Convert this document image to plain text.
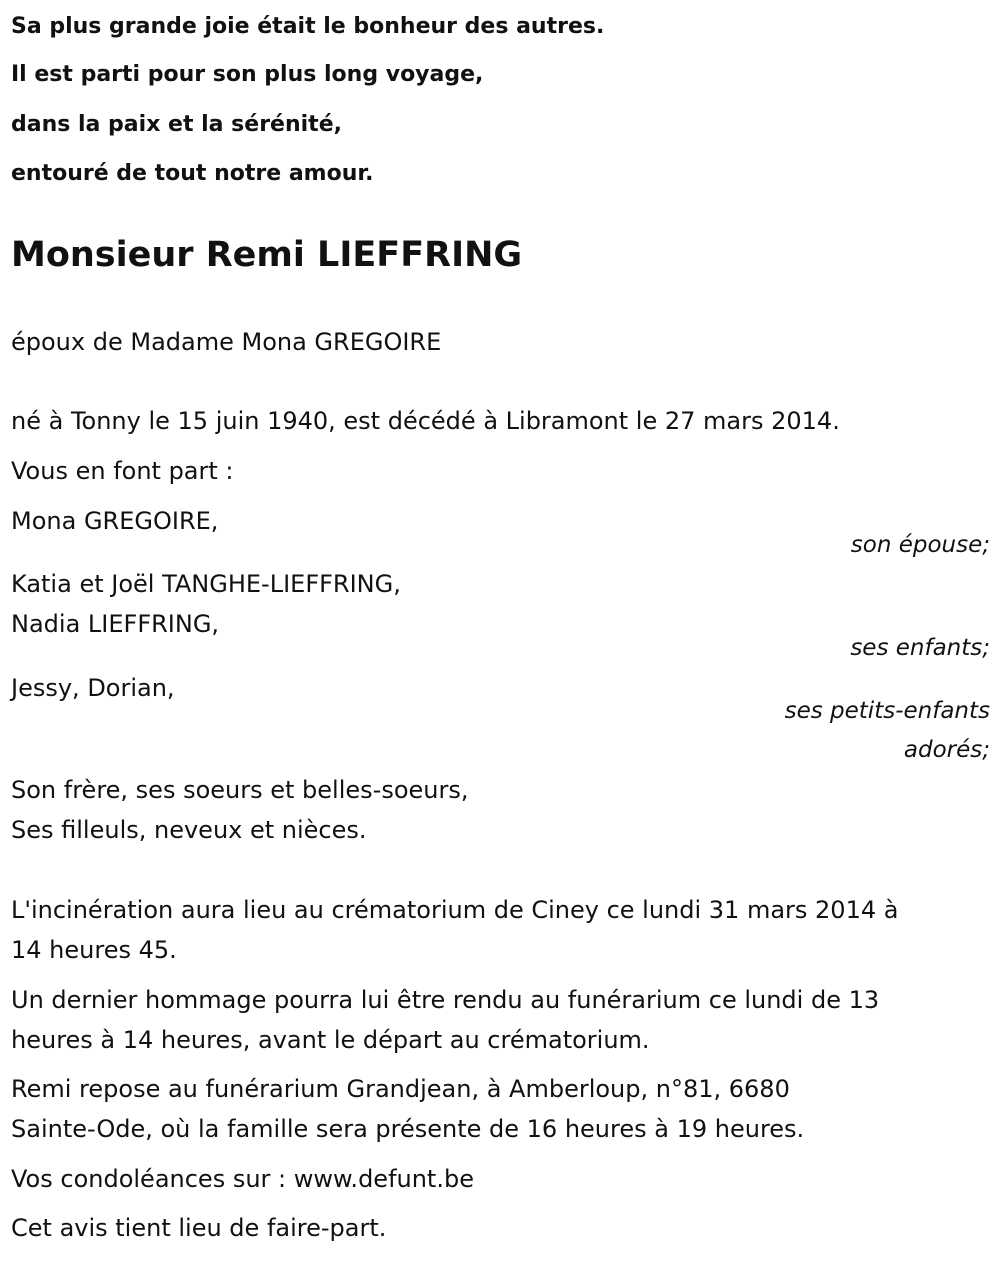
Sa plus grande joie était le bonheur des autres.
Il est parti pour son plus long voyage,
dans la paix et la sérénité,
entouré de tout notre amour.
Monsieur Remi LIEFFRING
époux de Madame Mona GREGOIRE
né à Tonny le 15 juin 1940, est décédé à Libramont le 27 mars 2014.
Vous en font part :
Mona GREGOIRE,
son épouse;
Katia et Joël TANGHE-LIEFFRING,
Nadia LIEFFRING,
ses enfants;
Jessy, Dorian,
ses petits-enfants
adorés;
Son frère, ses soeurs et belles-soeurs,
Ses filleuls, neveux et nièces.
L'incinération aura lieu au crématorium de Ciney ce lundi 31 mars 2014 à
14 heures 45.
Un dernier hommage pourra lui être rendu au funérarium ce lundi de 13
heures à 14 heures, avant le départ au crématorium.
Remi repose au funérarium Grandjean, à Amberloup, n°81, 6680
Sainte-Ode, où la famille sera présente de 16 heures à 19 heures.
Vos condoléances sur : www.defunt.be
Cet avis tient lieu de faire-part.
